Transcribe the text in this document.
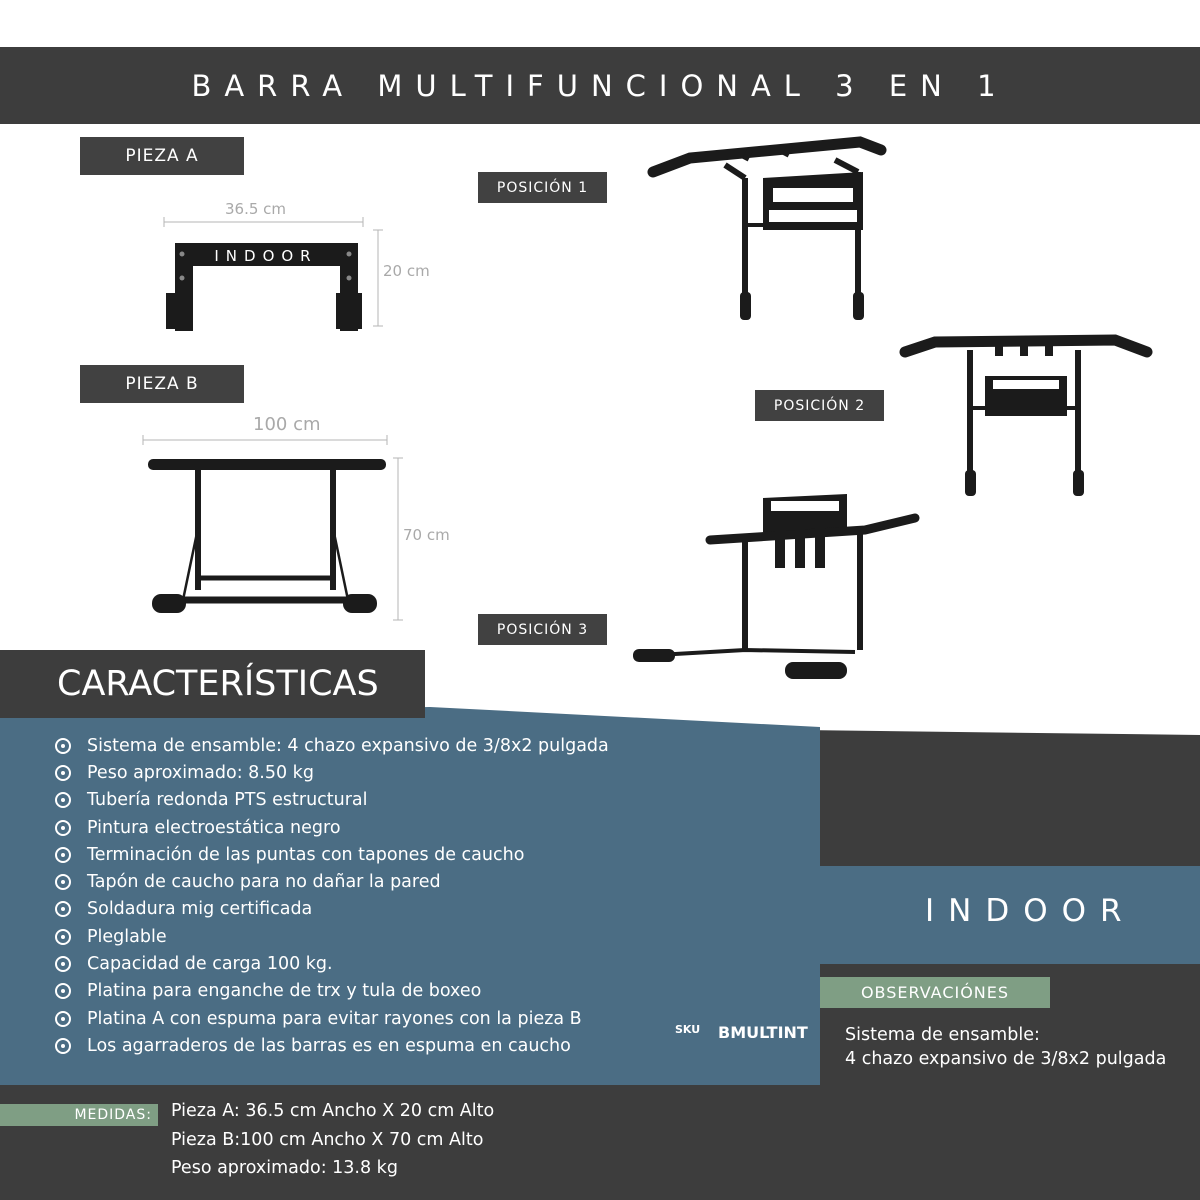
BARRA MULTIFUNCIONAL 3 EN 1
PIEZA A
INDOOR
36.5 cm
20 cm
PIEZA B
100 cm
70 cm
POSICIÓN 1
POSICIÓN 2
POSICIÓN 3
CARACTERÍSTICAS
Sistema de ensamble: 4 chazo expansivo de 3/8x2 pulgada
Peso aproximado: 8.50 kg
Tubería redonda PTS estructural
Pintura electroestática negro
Terminación de las puntas con tapones de caucho
Tapón de caucho para no dañar la pared
Soldadura mig certificada
Pleglable
Capacidad de carga 100 kg.
Platina para enganche de trx y tula de boxeo
Platina A con espuma para evitar rayones con la pieza B
Los agarraderos de las barras es en espuma en caucho
SKU BMULTINT
INDOOR
OBSERVACIÓNES
Sistema de ensamble:
4 chazo expansivo de 3/8x2 pulgada
MEDIDAS:	Pieza A: 36.5 cm Ancho X 20 cm Alto
Pieza B:100 cm Ancho X 70 cm Alto
Peso aproximado: 13.8 kg
